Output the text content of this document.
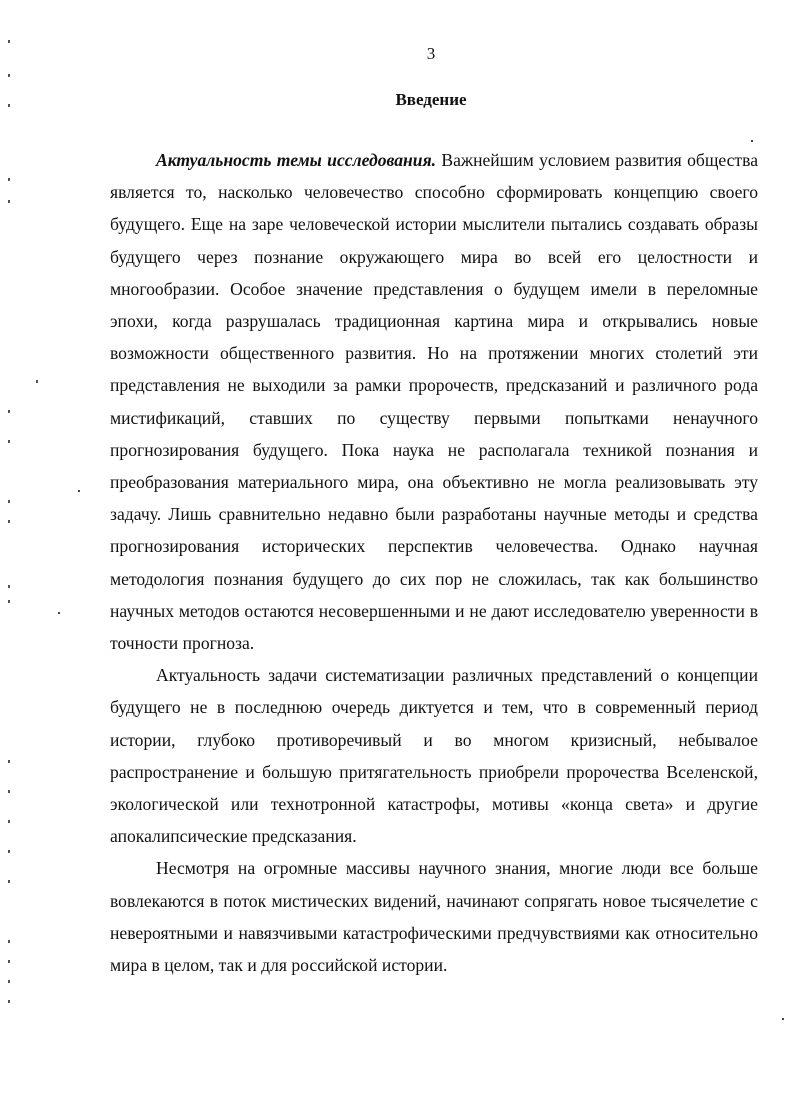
3
Введение

Актуальность темы исследования. Важнейшим условием развития общества является то, насколько человечество способно сформировать концепцию своего будущего. Еще на заре человеческой истории мыслители пытались создавать образы будущего через познание окружающего мира во всей его целостности и многообразии. Особое значение представления о будущем имели в переломные эпохи, когда разрушалась традиционная картина мира и открывались новые возможности общественного развития. Но на протяжении многих столетий эти представления не выходили за рамки пророчеств, предсказаний и различного рода мистификаций, ставших по существу первыми попытками ненаучного прогнозирования будущего. Пока наука не располагала техникой познания и преобразования материального мира, она объективно не могла реализовывать эту задачу. Лишь сравнительно недавно были разработаны научные методы и средства прогнозирования исторических перспектив человечества. Однако научная методология познания будущего до сих пор не сложилась, так как большинство научных методов остаются несовершенными и не дают исследователю уверенности в точности прогноза.

Актуальность задачи систематизации различных представлений о концепции будущего не в последнюю очередь диктуется и тем, что в современный период истории, глубоко противоречивый и во многом кризисный, небывалое распространение и большую притягательность приобрели пророчества Вселенской, экологической или технотронной катастрофы, мотивы «конца света» и другие апокалипсические предсказания.

Несмотря на огромные массивы научного знания, многие люди все больше вовлекаются в поток мистических видений, начинают сопрягать новое тысячелетие с невероятными и навязчивыми катастрофическими предчувствиями как относительно мира в целом, так и для российской истории.
